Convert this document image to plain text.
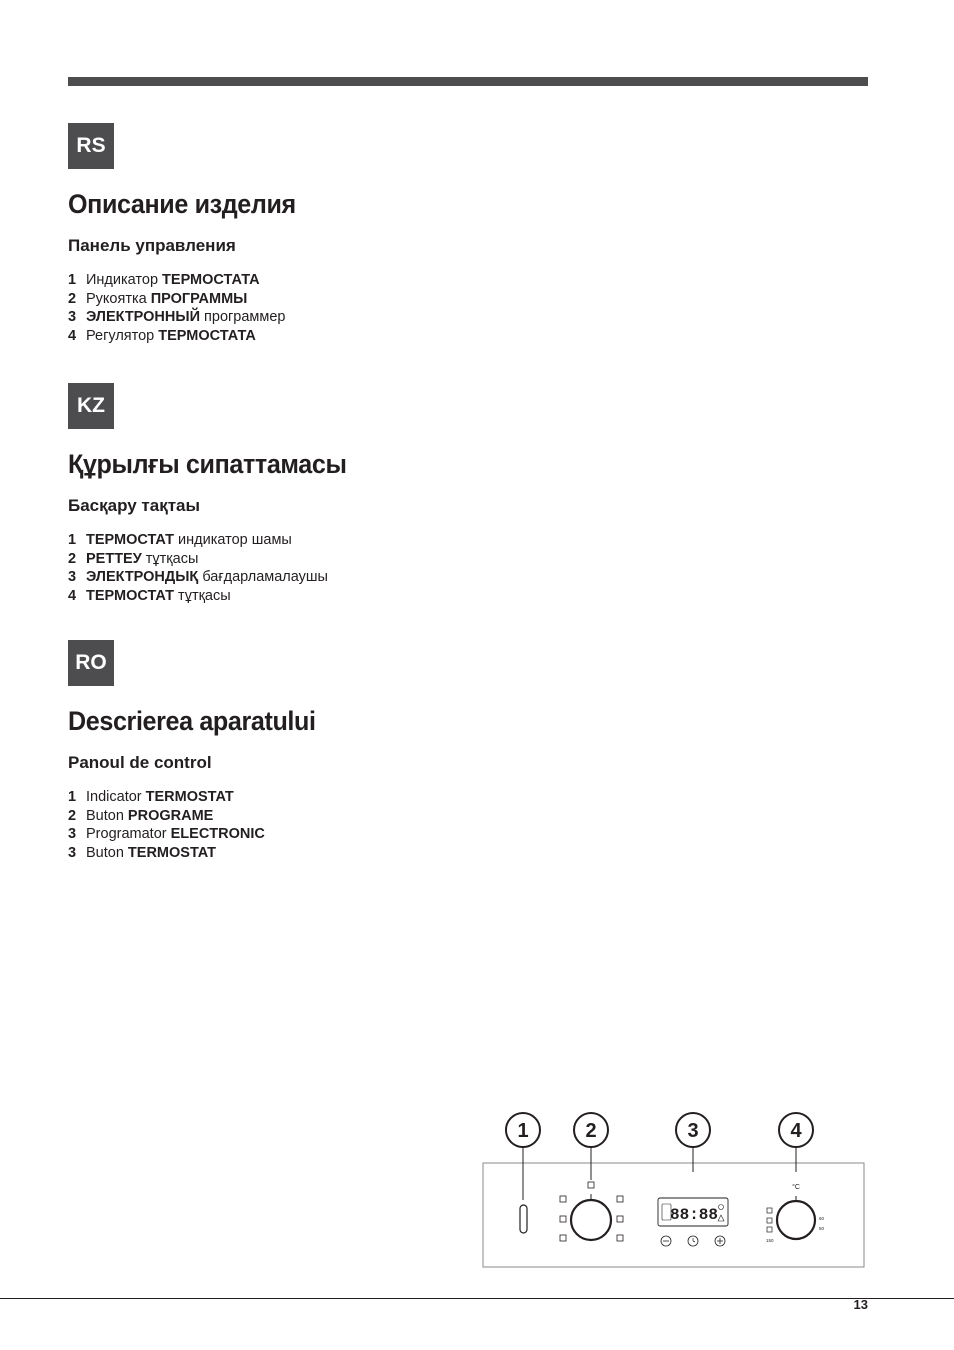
RS
Описание изделия
Панель управления
1 Индикатор ТЕРМОСТАТА
2 Рукоятка ПРОГРАММЫ
3 ЭЛЕКТРОННЫЙ программер
4 Регулятор ТЕРМОСТАТА
KZ
Құрылғы сипаттамасы
Басқару тақтаы
1 ТЕРМОСТАТ индикатор шамы
2 РЕТТЕУ тұтқасы
3 ЭЛЕКТРОНДЫҚ бағдарламалаушы
4 ТЕРМОСТАТ тұтқасы
RO
Descrierea aparatului
Panoul de control
1 Indicator TERMOSTAT
2 Buton PROGRAME
3 Programator ELECTRONIC
3 Buton TERMOSTAT
1	2	3	4
88:88
°C
150
60
50
13
